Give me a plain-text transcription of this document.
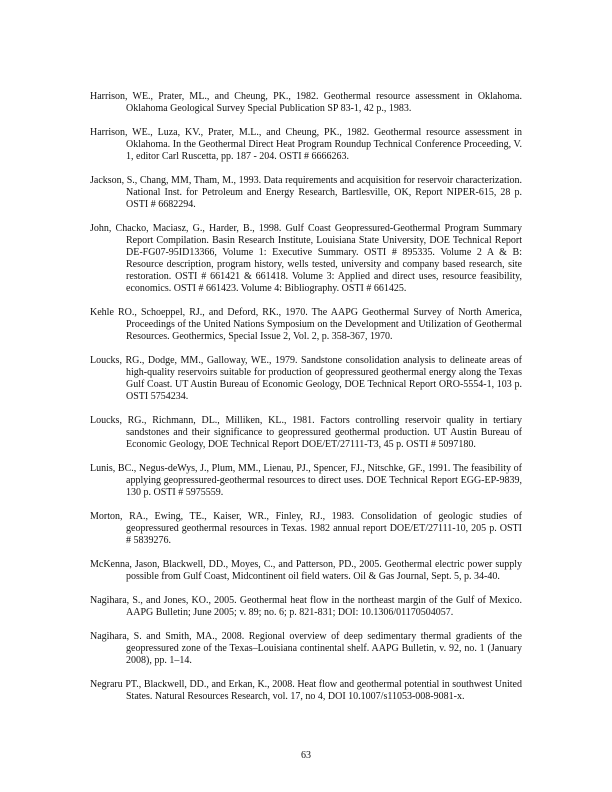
Harrison, WE., Prater, ML., and Cheung, PK., 1982. Geothermal resource assessment in Oklahoma. Oklahoma Geological Survey Special Publication SP 83-1, 42 p., 1983.

Harrison, WE., Luza, KV., Prater, M.L., and Cheung, PK., 1982. Geothermal resource assessment in Oklahoma. In the Geothermal Direct Heat Program Roundup Technical Conference Proceeding, V. 1, editor Carl Ruscetta, pp. 187 - 204. OSTI # 6666263.

Jackson, S., Chang, MM, Tham, M., 1993. Data requirements and acquisition for reservoir characterization. National Inst. for Petroleum and Energy Research, Bartlesville, OK, Report NIPER-615, 28 p. OSTI # 6682294.

John, Chacko, Maciasz, G., Harder, B., 1998. Gulf Coast Geopressured-Geothermal Program Summary Report Compilation. Basin Research Institute, Louisiana State University, DOE Technical Report DE-FG07-95ID13366, Volume 1: Executive Summary. OSTI # 895335. Volume 2 A & B: Resource description, program history, wells tested, university and company based research, site restoration. OSTI # 661421 & 661418. Volume 3: Applied and direct uses, resource feasibility, economics. OSTI # 661423. Volume 4: Bibliography. OSTI # 661425.

Kehle RO., Schoeppel, RJ., and Deford, RK., 1970. The AAPG Geothermal Survey of North America, Proceedings of the United Nations Symposium on the Development and Utilization of Geothermal Resources. Geothermics, Special Issue 2, Vol. 2, p. 358-367, 1970.

Loucks, RG., Dodge, MM., Galloway, WE., 1979. Sandstone consolidation analysis to delineate areas of high-quality reservoirs suitable for production of geopressured geothermal energy along the Texas Gulf Coast. UT Austin Bureau of Economic Geology, DOE Technical Report ORO-5554-1, 103 p. OSTI 5754234.

Loucks, RG., Richmann, DL., Milliken, KL., 1981. Factors controlling reservoir quality in tertiary sandstones and their significance to geopressured geothermal production. UT Austin Bureau of Economic Geology, DOE Technical Report DOE/ET/27111-T3, 45 p. OSTI # 5097180.

Lunis, BC., Negus-deWys, J., Plum, MM., Lienau, PJ., Spencer, FJ., Nitschke, GF., 1991. The feasibility of applying geopressured-geothermal resources to direct uses. DOE Technical Report EGG-EP-9839, 130 p. OSTI # 5975559.

Morton, RA., Ewing, TE., Kaiser, WR., Finley, RJ., 1983. Consolidation of geologic studies of geopressured geothermal resources in Texas. 1982 annual report DOE/ET/27111-10, 205 p. OSTI # 5839276.

McKenna, Jason, Blackwell, DD., Moyes, C., and Patterson, PD., 2005. Geothermal electric power supply possible from Gulf Coast, Midcontinent oil field waters. Oil & Gas Journal, Sept. 5, p. 34-40.

Nagihara, S., and Jones, KO., 2005. Geothermal heat flow in the northeast margin of the Gulf of Mexico. AAPG Bulletin; June 2005; v. 89; no. 6; p. 821-831; DOI: 10.1306/01170504057.

Nagihara, S. and Smith, MA., 2008. Regional overview of deep sedimentary thermal gradients of the geopressured zone of the Texas–Louisiana continental shelf. AAPG Bulletin, v. 92, no. 1 (January 2008), pp. 1–14.

Negraru PT., Blackwell, DD., and Erkan, K., 2008. Heat flow and geothermal potential in southwest United States. Natural Resources Research, vol. 17, no 4, DOI 10.1007/s11053-008-9081-x.

63
